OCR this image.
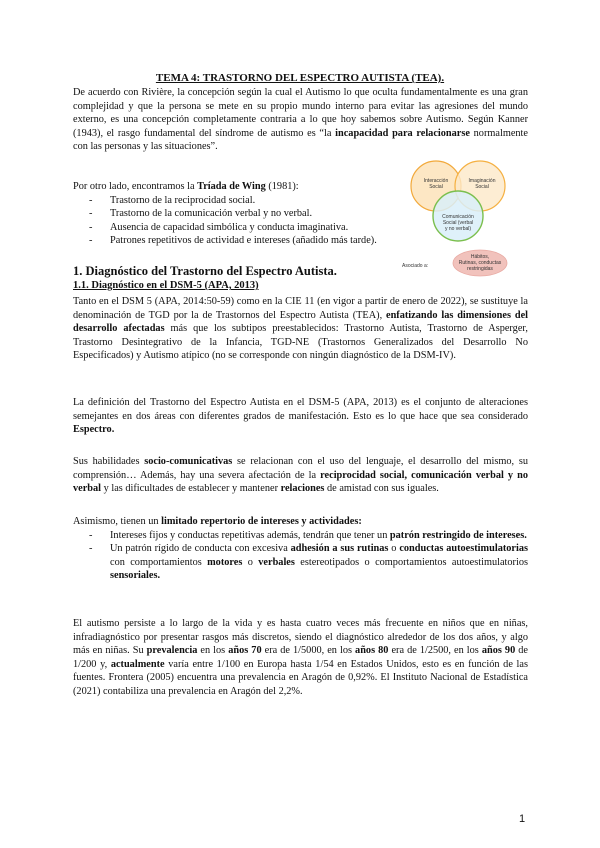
TEMA 4: TRASTORNO DEL ESPECTRO AUTISTA (TEA).

De acuerdo con Rivière, la concepción según la cual el Autismo lo que oculta fundamentalmente es una gran complejidad y que la persona se mete en su propio mundo interno para evitar las agresiones del mundo externo, es una concepción completamente contraria a lo que hoy sabemos sobre Autismo. Según Kanner (1943), el rasgo fundamental del síndrome de autismo es “la incapacidad para relacionarse normalmente con las personas y las situaciones”.

Por otro lado, encontramos la Tríada de Wing (1981):

- Trastorno de la reciprocidad social.
- Trastorno de la comunicación verbal y no verbal.
- Ausencia de capacidad simbólica y conducta imaginativa.
- Patrones repetitivos de actividad e intereses (añadido más tarde).
Interacción
Social
Imaginación
Social
Comunicación
Social (verbal
y no verbal)
Asociado a:
Hábitos,
Rutinas, conductas
restringidas
1. Diagnóstico del Trastorno del Espectro Autista.
1.1. Diagnóstico en el DSM-5 (APA, 2013)

Tanto en el DSM 5 (APA, 2014:50-59) como en la CIE 11 (en vigor a partir de enero de 2022), se sustituye la denominación de TGD por la de Trastornos del Espectro Autista (TEA), enfatizando las dimensiones del desarrollo afectadas más que los subtipos preestablecidos: Trastorno Autista, Trastorno de Asperger, Trastorno Desintegrativo de la Infancia, TGD-NE (Trastornos Generalizados del Desarrollo No Especificados) y Autismo atípico (no se corresponde con ningún diagnóstico de la DSM-IV).

La definición del Trastorno del Espectro Autista en el DSM-5 (APA, 2013) es el conjunto de alteraciones semejantes en dos áreas con diferentes grados de manifestación. Esto es lo que hace que sea considerado Espectro.

Sus habilidades socio-comunicativas se relacionan con el uso del lenguaje, el desarrollo del mismo, su comprensión… Además, hay una severa afectación de la reciprocidad social, comunicación verbal y no verbal y las dificultades de establecer y mantener relaciones de amistad con sus iguales.

Asimismo, tienen un limitado repertorio de intereses y actividades:

- Intereses fijos y conductas repetitivas además, tendrán que tener un patrón restringido de intereses.
- Un patrón rígido de conducta con excesiva adhesión a sus rutinas o conductas autoestimulatorias con comportamientos motores o verbales estereotipados o comportamientos autoestimulatorios sensoriales.

El autismo persiste a lo largo de la vida y es hasta cuatro veces más frecuente en niños que en niñas, infradiagnóstico por presentar rasgos más discretos, siendo el diagnóstico alrededor de los dos años, y algo más en niñas. Su prevalencia en los años 70 era de 1/5000, en los años 80 era de 1/2500, en los años 90 de 1/200 y, actualmente varía entre 1/100 en Europa hasta 1/54 en Estados Unidos, esto es en función de las fuentes. Frontera (2005) encuentra una prevalencia en Aragón de 0,92%. El Instituto Nacional de Estadística (2021) contabiliza una prevalencia en Aragón del 2,2%.

1
